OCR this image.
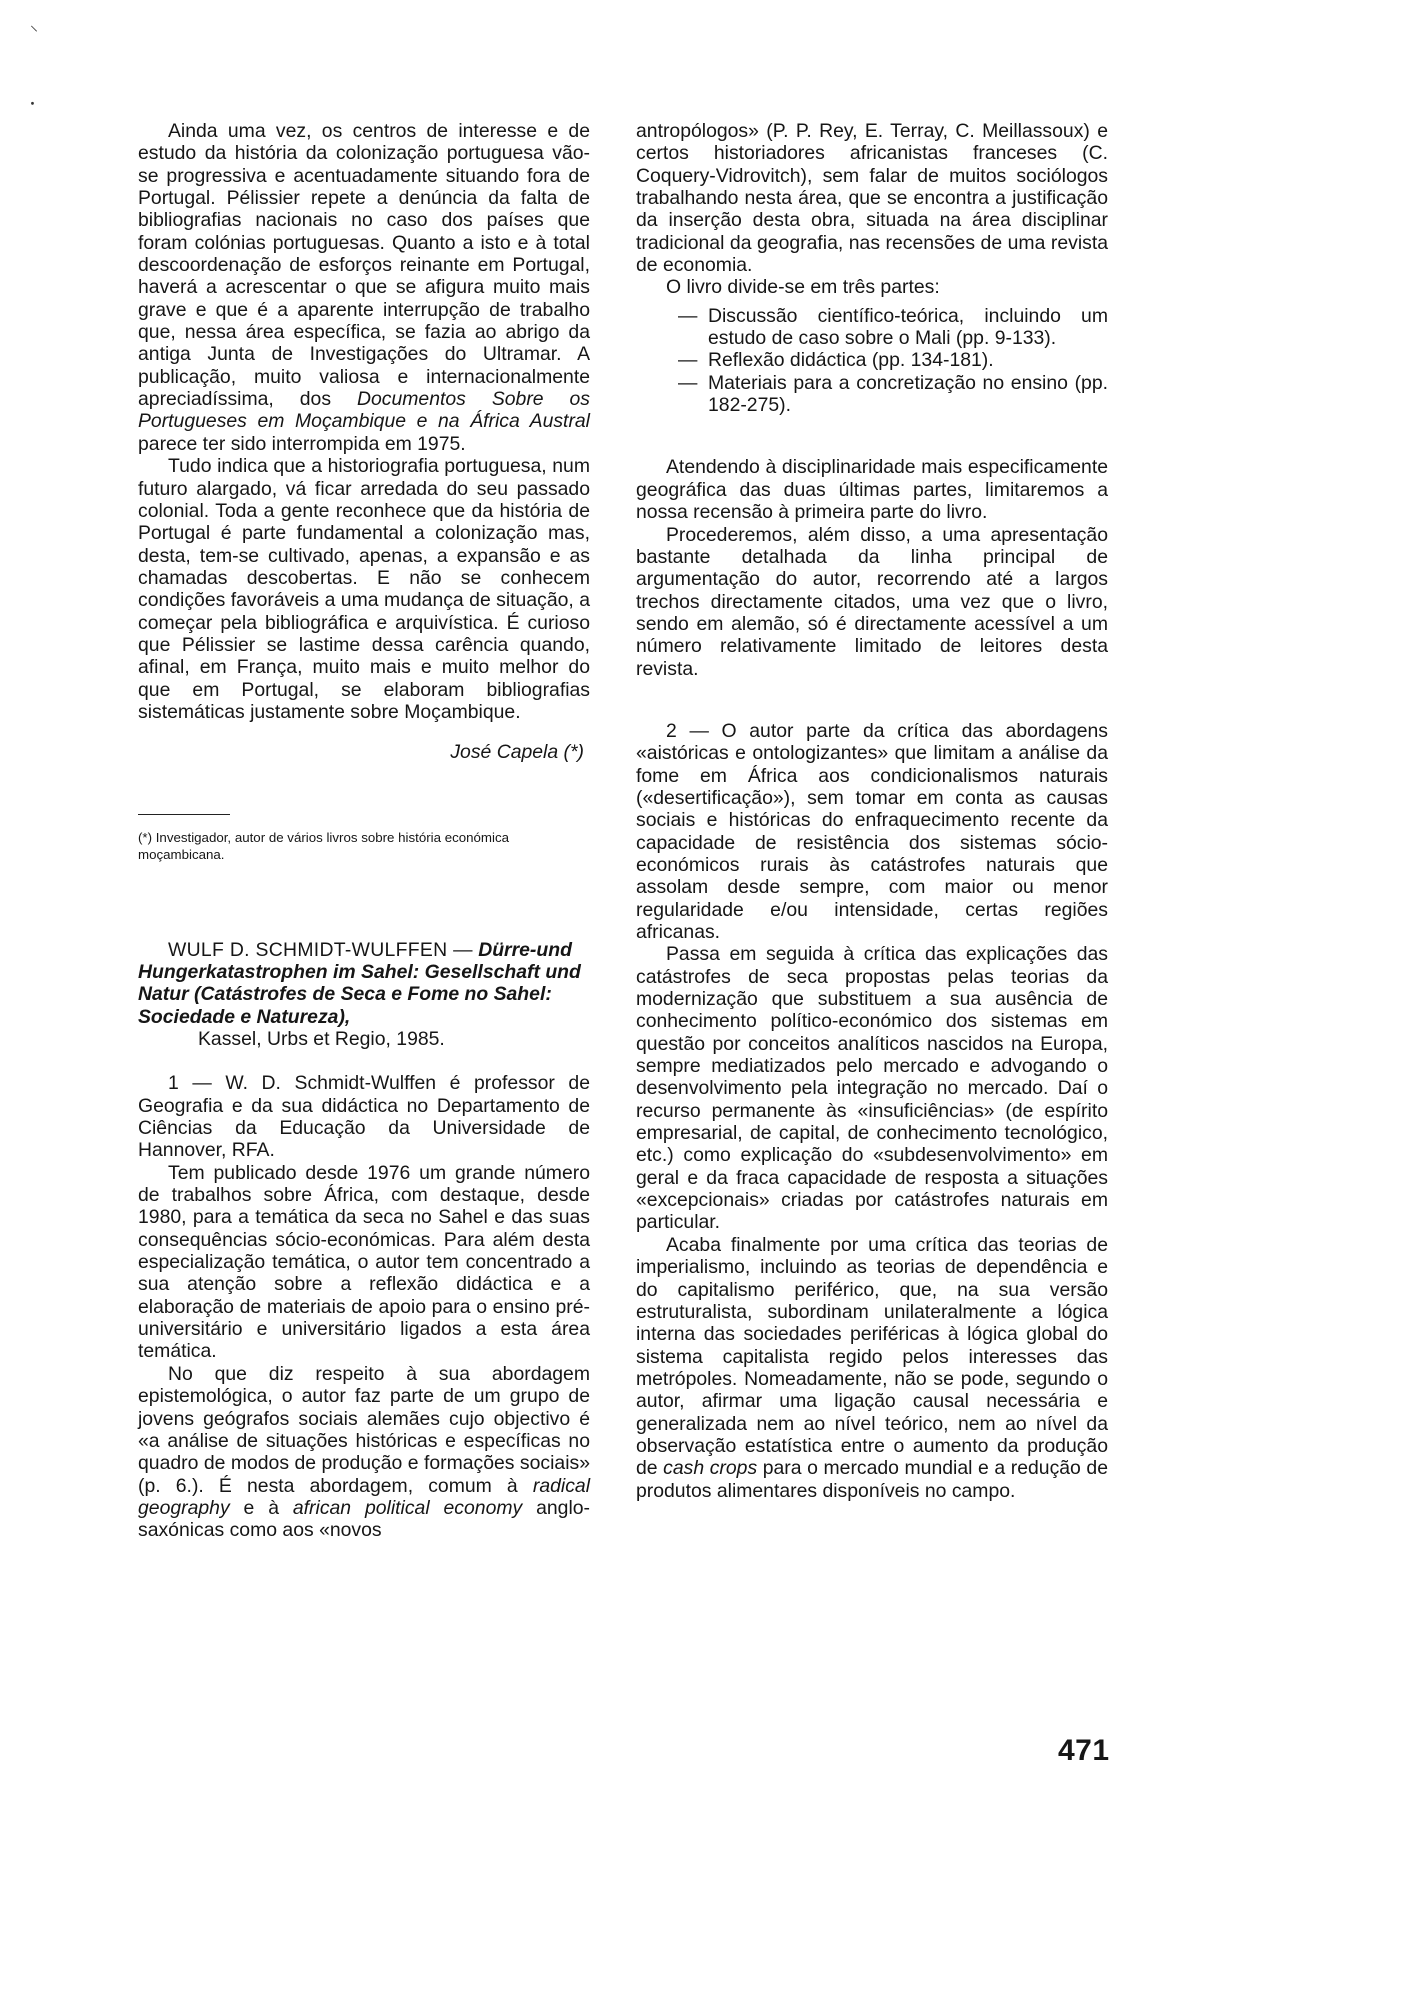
⸌
ꞏ

Ainda uma vez, os centros de interesse e de estudo da história da colonização portuguesa vão-se progressiva e acentuadamente situando fora de Portugal. Pélissier repete a denúncia da falta de bibliografias nacionais no caso dos países que foram colónias portuguesas. Quanto a isto e à total descoordenação de esforços reinante em Portugal, haverá a acrescentar o que se afigura muito mais grave e que é a aparente interrupção de trabalho que, nessa área específica, se fazia ao abrigo da antiga Junta de Investigações do Ultramar. A publicação, muito valiosa e internacionalmente apreciadíssima, dos Documentos Sobre os Portugueses em Moçambique e na África Austral parece ter sido interrompida em 1975.

Tudo indica que a historiografia portuguesa, num futuro alargado, vá ficar arredada do seu passado colonial. Toda a gente reconhece que da história de Portugal é parte fundamental a colonização mas, desta, tem-se cultivado, apenas, a expansão e as chamadas descobertas. E não se conhecem condições favoráveis a uma mudança de situação, a começar pela bibliográfica e arquivística. É curioso que Pélissier se lastime dessa carência quando, afinal, em França, muito mais e muito melhor do que em Portugal, se elaboram bibliografias sistemáticas justamente sobre Moçambique.

José Capela (*)
(*) Investigador, autor de vários livros sobre história económica moçambicana.

WULF D. SCHMIDT-WULFFEN — Dürre-und Hungerkatastrophen im Sahel: Gesellschaft und Natur (Catástrofes de Seca e Fome no Sahel: Sociedade e Natureza),
Kassel, Urbs et Regio, 1985.

1 — W. D. Schmidt-Wulffen é professor de Geografia e da sua didáctica no Departamento de Ciências da Educação da Universidade de Hannover, RFA.

Tem publicado desde 1976 um grande número de trabalhos sobre África, com destaque, desde 1980, para a temática da seca no Sahel e das suas consequências sócio-económicas. Para além desta especialização temática, o autor tem concentrado a sua atenção sobre a reflexão didáctica e a elaboração de materiais de apoio para o ensino pré-universitário e universitário ligados a esta área temática.

No que diz respeito à sua abordagem epistemológica, o autor faz parte de um grupo de jovens geógrafos sociais alemães cujo objectivo é «a análise de situações históricas e específicas no quadro de modos de produção e formações sociais» (p. 6.). É nesta abordagem, comum à radical geography e à african political economy anglo-saxónicas como aos «novos

antropólogos» (P. P. Rey, E. Terray, C. Meillassoux) e certos historiadores africanistas franceses (C. Coquery-Vidrovitch), sem falar de muitos sociólogos trabalhando nesta área, que se encontra a justificação da inserção desta obra, situada na área disciplinar tradicional da geografia, nas recensões de uma revista de economia.

O livro divide-se em três partes:

— Discussão científico-teórica, incluindo um estudo de caso sobre o Mali (pp. 9-133).
— Reflexão didáctica (pp. 134-181).
— Materiais para a concretização no ensino (pp. 182-275).

Atendendo à disciplinaridade mais especificamente geográfica das duas últimas partes, limitaremos a nossa recensão à primeira parte do livro.

Procederemos, além disso, a uma apresentação bastante detalhada da linha principal de argumentação do autor, recorrendo até a largos trechos directamente citados, uma vez que o livro, sendo em alemão, só é directamente acessível a um número relativamente limitado de leitores desta revista.

2 — O autor parte da crítica das abordagens «aistóricas e ontologizantes» que limitam a análise da fome em África aos condicionalismos naturais («desertificação»), sem tomar em conta as causas sociais e históricas do enfraquecimento recente da capacidade de resistência dos sistemas sócio-económicos rurais às catástrofes naturais que assolam desde sempre, com maior ou menor regularidade e/ou intensidade, certas regiões africanas.

Passa em seguida à crítica das explicações das catástrofes de seca propostas pelas teorias da modernização que substituem a sua ausência de conhecimento político-económico dos sistemas em questão por conceitos analíticos nascidos na Europa, sempre mediatizados pelo mercado e advogando o desenvolvimento pela integração no mercado. Daí o recurso permanente às «insuficiências» (de espírito empresarial, de capital, de conhecimento tecnológico, etc.) como explicação do «subdesenvolvimento» em geral e da fraca capacidade de resposta a situações «excepcionais» criadas por catástrofes naturais em particular.

Acaba finalmente por uma crítica das teorias de imperialismo, incluindo as teorias de dependência e do capitalismo periférico, que, na sua versão estruturalista, subordinam unilateralmente a lógica interna das sociedades periféricas à lógica global do sistema capitalista regido pelos interesses das metrópoles. Nomeadamente, não se pode, segundo o autor, afirmar uma ligação causal necessária e generalizada nem ao nível teórico, nem ao nível da observação estatística entre o aumento da produção de cash crops para o mercado mundial e a redução de produtos alimentares disponíveis no campo.

471
